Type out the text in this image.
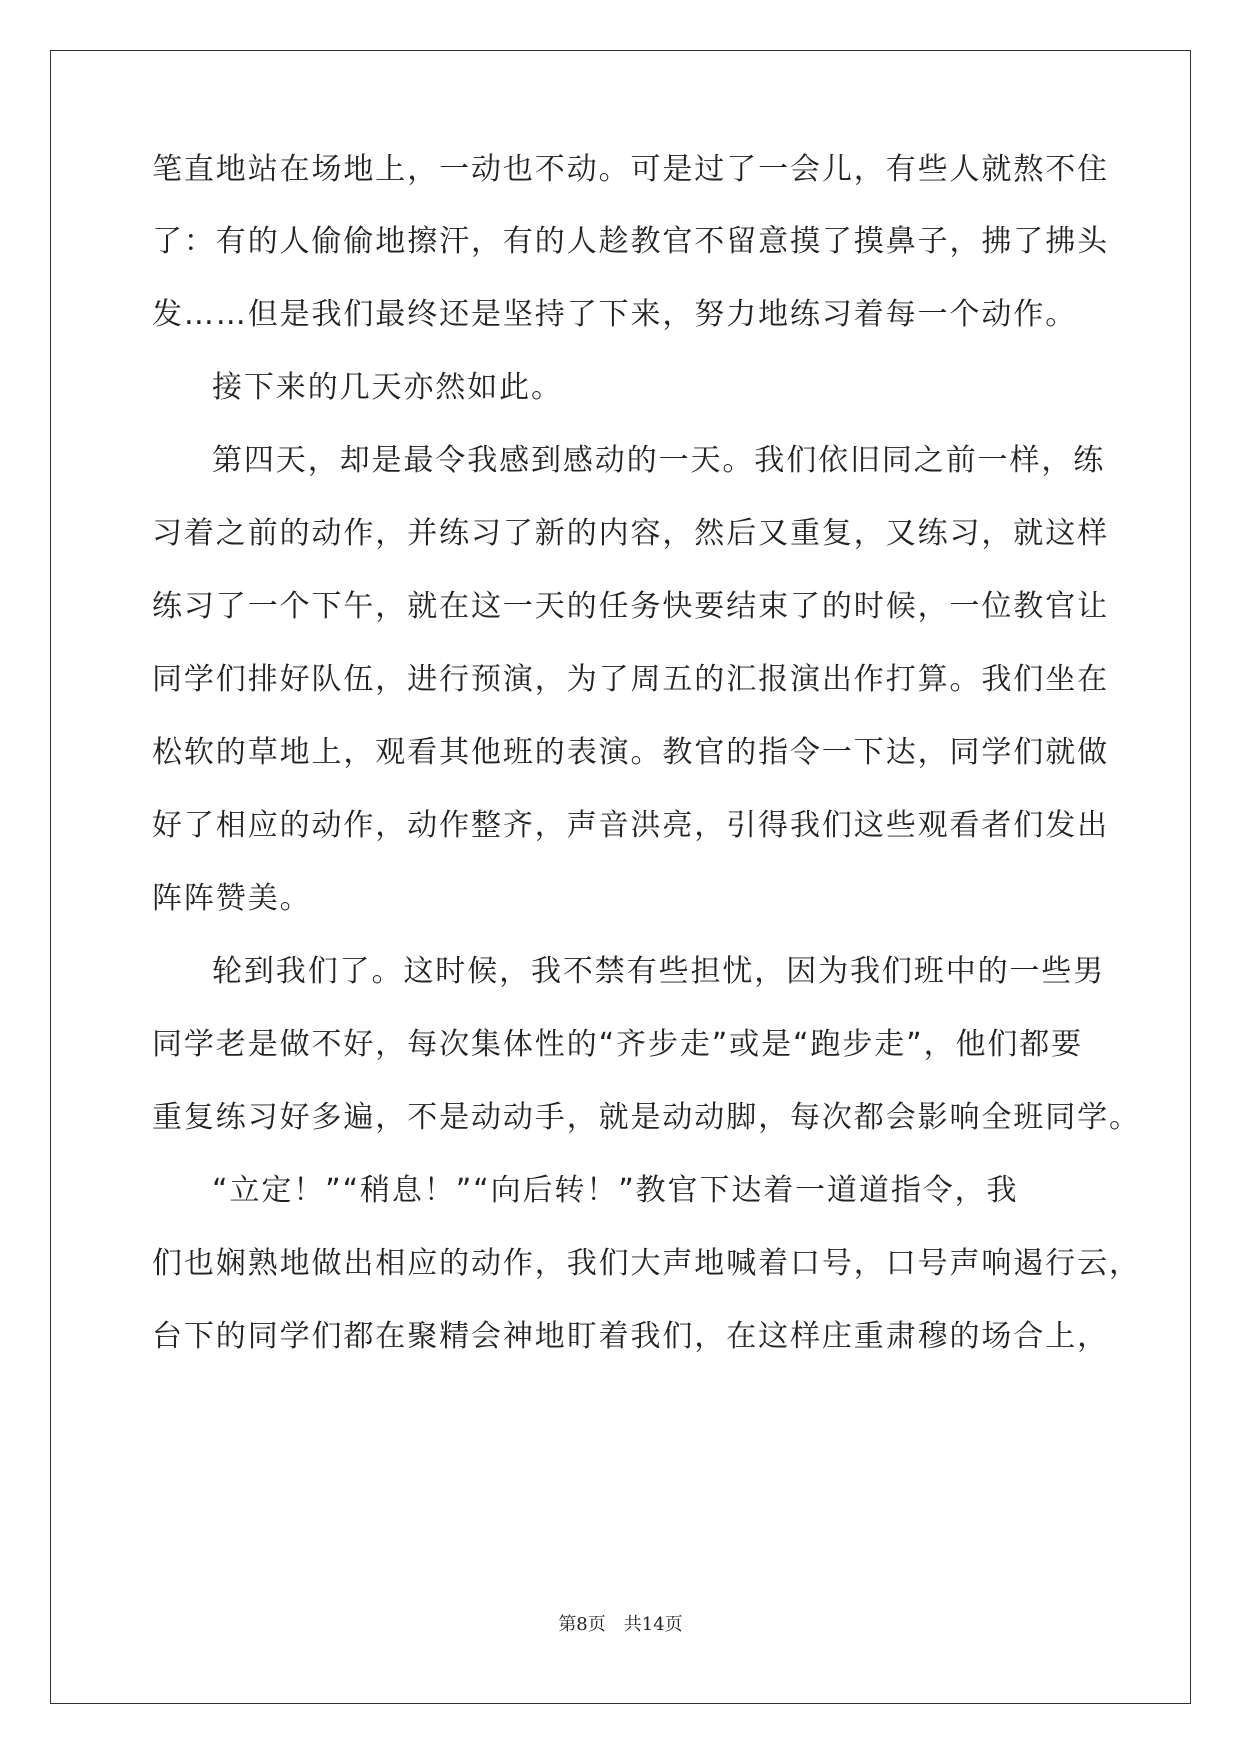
笔直地站在场地上，一动也不动。可是过了一会儿，有些人就熬不住
了：有的人偷偷地擦汗，有的人趁教官不留意摸了摸鼻子，拂了拂头
发……但是我们最终还是坚持了下来，努力地练习着每一个动作。
接下来的几天亦然如此。
第四天，却是最令我感到感动的一天。我们依旧同之前一样，练
习着之前的动作，并练习了新的内容，然后又重复，又练习，就这样
练习了一个下午，就在这一天的任务快要结束了的时候，一位教官让
同学们排好队伍，进行预演，为了周五的汇报演出作打算。我们坐在
松软的草地上，观看其他班的表演。教官的指令一下达，同学们就做
好了相应的动作，动作整齐，声音洪亮，引得我们这些观看者们发出
阵阵赞美。
轮到我们了。这时候，我不禁有些担忧，因为我们班中的一些男
同学老是做不好，每次集体性的“齐步走”或是“跑步走”，他们都要
重复练习好多遍，不是动动手，就是动动脚，每次都会影响全班同学。
“立定！”“稍息！”“向后转！”教官下达着一道道指令，我
们也娴熟地做出相应的动作，我们大声地喊着口号，口号声响遏行云，
台下的同学们都在聚精会神地盯着我们，在这样庄重肃穆的场合上，
第8页 共14页
